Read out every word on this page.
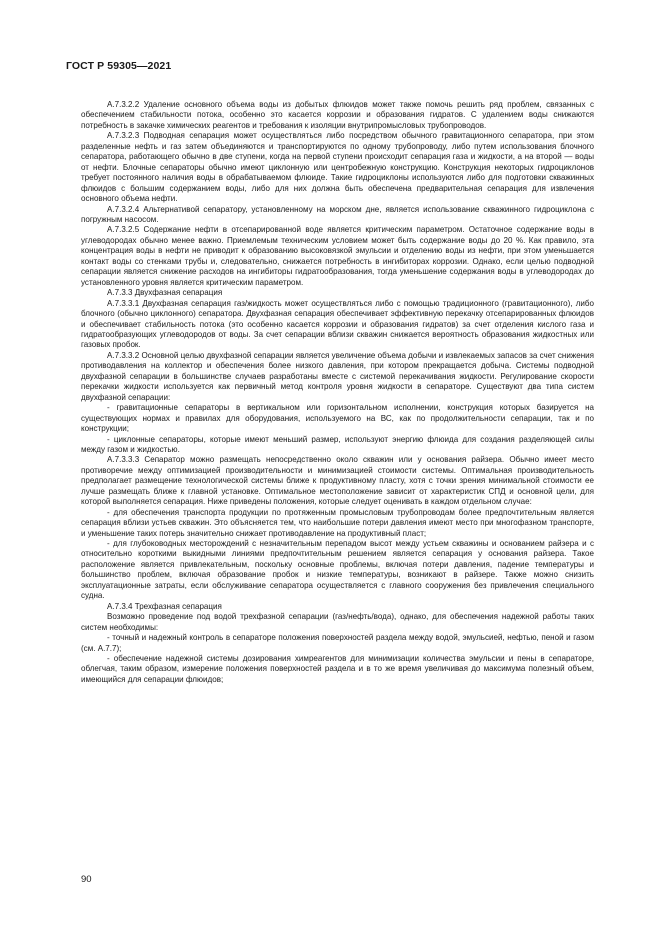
ГОСТ Р 59305—2021

А.7.3.2.2 Удаление основного объема воды из добытых флюидов может также помочь решить ряд проблем, связанных с обеспечением стабильности потока, особенно это касается коррозии и образования гидратов. С удалением воды снижаются потребность в закачке химических реагентов и требования к изоляции внутрипромысловых трубопроводов.

А.7.3.2.3 Подводная сепарация может осуществляться либо посредством обычного гравитационного сепаратора, при этом разделенные нефть и газ затем объединяются и транспортируются по одному трубопроводу, либо путем использования блочного сепаратора, работающего обычно в две ступени, когда на первой ступени происходит сепарация газа и жидкости, а на второй — воды от нефти. Блочные сепараторы обычно имеют циклонную или центробежную конструкцию. Конструкция некоторых гидроциклонов требует постоянного наличия воды в обрабатываемом флюиде. Такие гидроциклоны используются либо для подготовки скважинных флюидов с большим содержанием воды, либо для них должна быть обеспечена предварительная сепарация для извлечения основного объема нефти.

А.7.3.2.4 Альтернативой сепаратору, установленному на морском дне, является использование скважинного гидроциклона с погружным насосом.

А.7.3.2.5 Содержание нефти в отсепарированной воде является критическим параметром. Остаточное содержание воды в углеводородах обычно менее важно. Приемлемым техническим условием может быть содержание воды до 20 %. Как правило, эта концентрация воды в нефти не приводит к образованию высоковязкой эмульсии и отделению воды из нефти, при этом уменьшается контакт воды со стенками трубы и, следовательно, снижается потребность в ингибиторах коррозии. Однако, если целью подводной сепарации является снижение расходов на ингибиторы гидратообразования, тогда уменьшение содержания воды в углеводородах до установленного уровня является критическим параметром.

А.7.3.3 Двухфазная сепарация

А.7.3.3.1 Двухфазная сепарация газ/жидкость может осуществляться либо с помощью традиционного (гравитационного), либо блочного (обычно циклонного) сепаратора. Двухфазная сепарация обеспечивает эффективную перекачку отсепарированных флюидов и обеспечивает стабильность потока (это особенно касается коррозии и образования гидратов) за счет отделения кислого газа и гидратообразующих углеводородов от воды. За счет сепарации вблизи скважин снижается вероятность образования жидкостных или газовых пробок.

А.7.3.3.2 Основной целью двухфазной сепарации является увеличение объема добычи и извлекаемых запасов за счет снижения противодавления на коллектор и обеспечения более низкого давления, при котором прекращается добыча. Системы подводной двухфазной сепарации в большинстве случаев разработаны вместе с системой перекачивания жидкости. Регулирование скорости перекачки жидкости используется как первичный метод контроля уровня жидкости в сепараторе. Существуют два типа систем двухфазной сепарации:

- гравитационные сепараторы в вертикальном или горизонтальном исполнении, конструкция которых базируется на существующих нормах и правилах для оборудования, используемого на ВС, как по продолжительности сепарации, так и по конструкции;

- циклонные сепараторы, которые имеют меньший размер, используют энергию флюида для создания разделяющей силы между газом и жидкостью.

А.7.3.3.3 Сепаратор можно размещать непосредственно около скважин или у основания райзера. Обычно имеет место противоречие между оптимизацией производительности и минимизацией стоимости системы. Оптимальная производительность предполагает размещение технологической системы ближе к продуктивному пласту, хотя с точки зрения минимальной стоимости ее лучше размещать ближе к главной установке. Оптимальное местоположение зависит от характеристик СПД и основной цели, для которой выполняется сепарация. Ниже приведены положения, которые следует оценивать в каждом отдельном случае:

- для обеспечения транспорта продукции по протяженным промысловым трубопроводам более предпочтительным является сепарация вблизи устьев скважин. Это объясняется тем, что наибольшие потери давления имеют место при многофазном транспорте, и уменьшение таких потерь значительно снижает противодавление на продуктивный пласт;

- для глубоководных месторождений с незначительным перепадом высот между устьем скважины и основанием райзера и с относительно короткими выкидными линиями предпочтительным решением является сепарация у основания райзера. Такое расположение является привлекательным, поскольку основные проблемы, включая потери давления, падение температуры и большинство проблем, включая образование пробок и низкие температуры, возникают в райзере. Также можно снизить эксплуатационные затраты, если обслуживание сепаратора осуществляется с главного сооружения без привлечения специального судна.

А.7.3.4 Трехфазная сепарация

Возможно проведение под водой трехфазной сепарации (газ/нефть/вода), однако, для обеспечения надежной работы таких систем необходимы:

- точный и надежный контроль в сепараторе положения поверхностей раздела между водой, эмульсией, нефтью, пеной и газом (см. А.7.7);

- обеспечение надежной системы дозирования химреагентов для минимизации количества эмульсии и пены в сепараторе, облегчая, таким образом, измерение положения поверхностей раздела и в то же время увеличивая до максимума полезный объем, имеющийся для сепарации флюидов;

90
